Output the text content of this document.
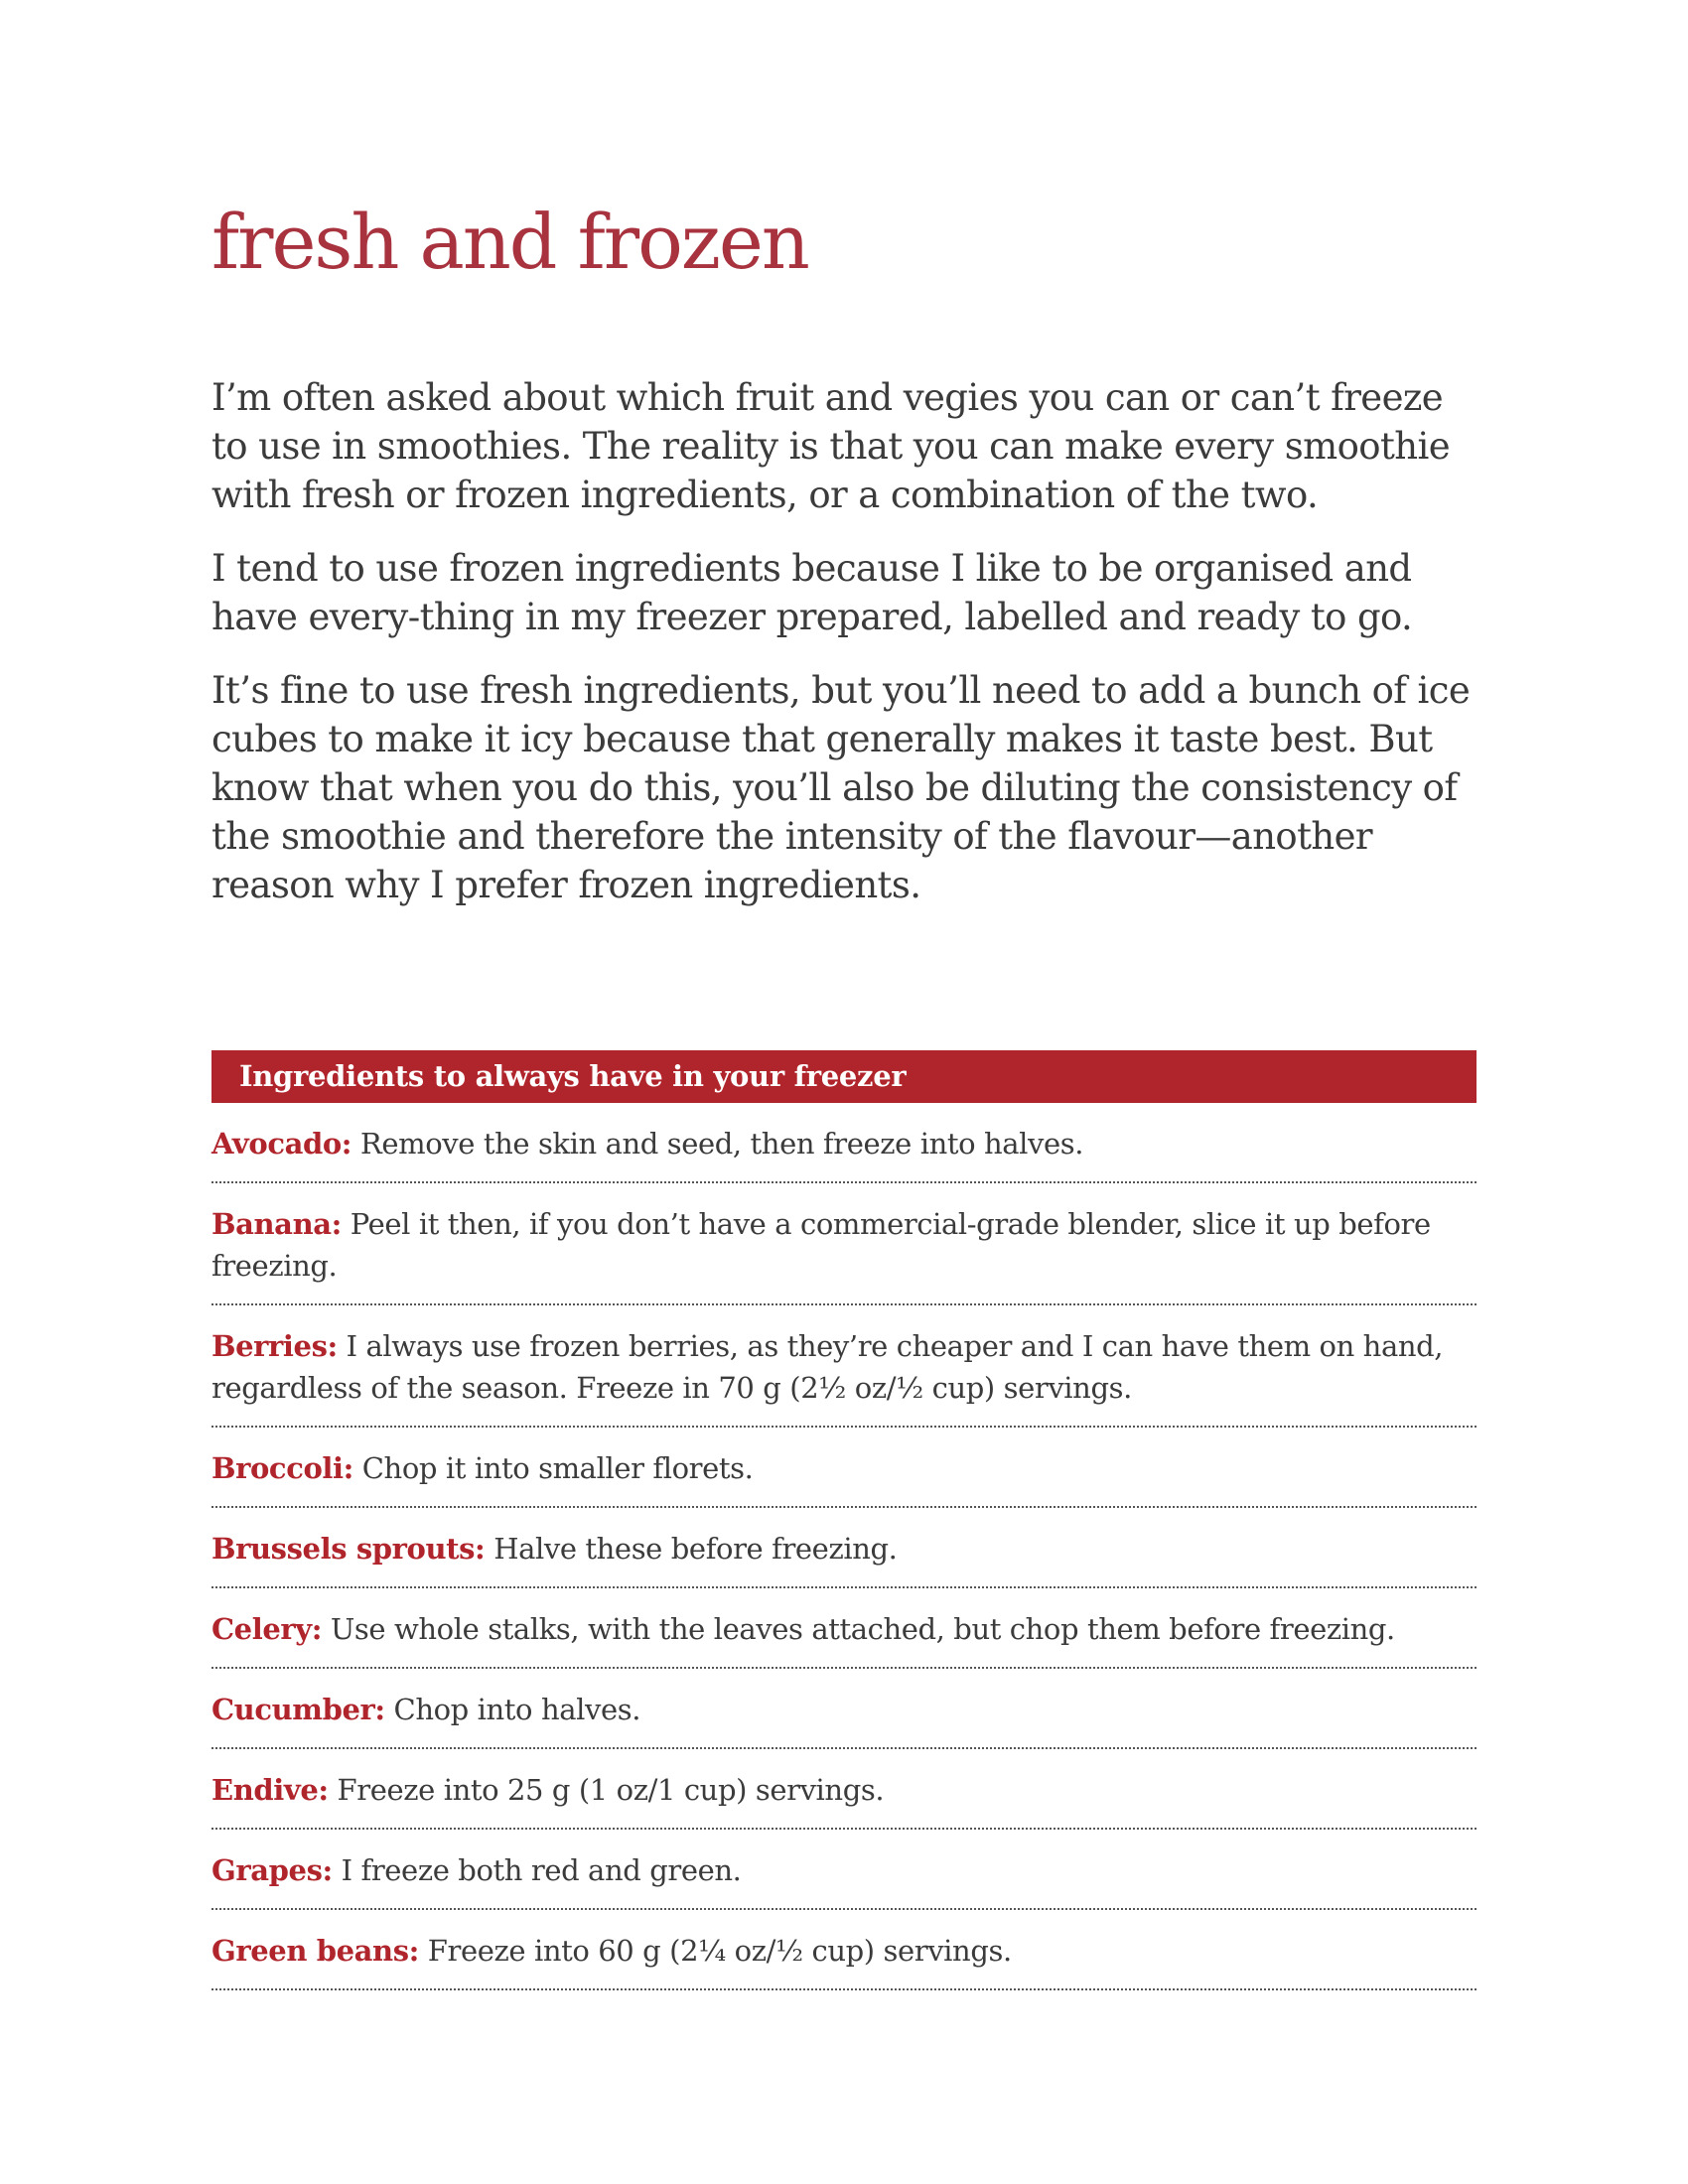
fresh and frozen

I’m often asked about which fruit and vegies you can or can’t freeze to use in smoothies. The reality is that you can make every smoothie with fresh or frozen ingredients, or a combination of the two.

I tend to use frozen ingredients because I like to be organised and have every-thing in my freezer prepared, labelled and ready to go.

It’s fine to use fresh ingredients, but you’ll need to add a bunch of ice cubes to make it icy because that generally makes it taste best. But know that when you do this, you’ll also be diluting the consistency of the smoothie and therefore the intensity of the flavour—another reason why I prefer frozen ingredients.

Ingredients to always have in your freezer
Avocado: Remove the skin and seed, then freeze into halves.
Banana: Peel it then, if you don’t have a commercial-grade blender, slice it up before freezing.
Berries: I always use frozen berries, as they’re cheaper and I can have them on hand, regardless of the season. Freeze in 70 g (2½ oz/½ cup) servings.
Broccoli: Chop it into smaller florets.
Brussels sprouts: Halve these before freezing.
Celery: Use whole stalks, with the leaves attached, but chop them before freezing.
Cucumber: Chop into halves.
Endive: Freeze into 25 g (1 oz/1 cup) servings.
Grapes: I freeze both red and green.
Green beans: Freeze into 60 g (2¼ oz/½ cup) servings.
